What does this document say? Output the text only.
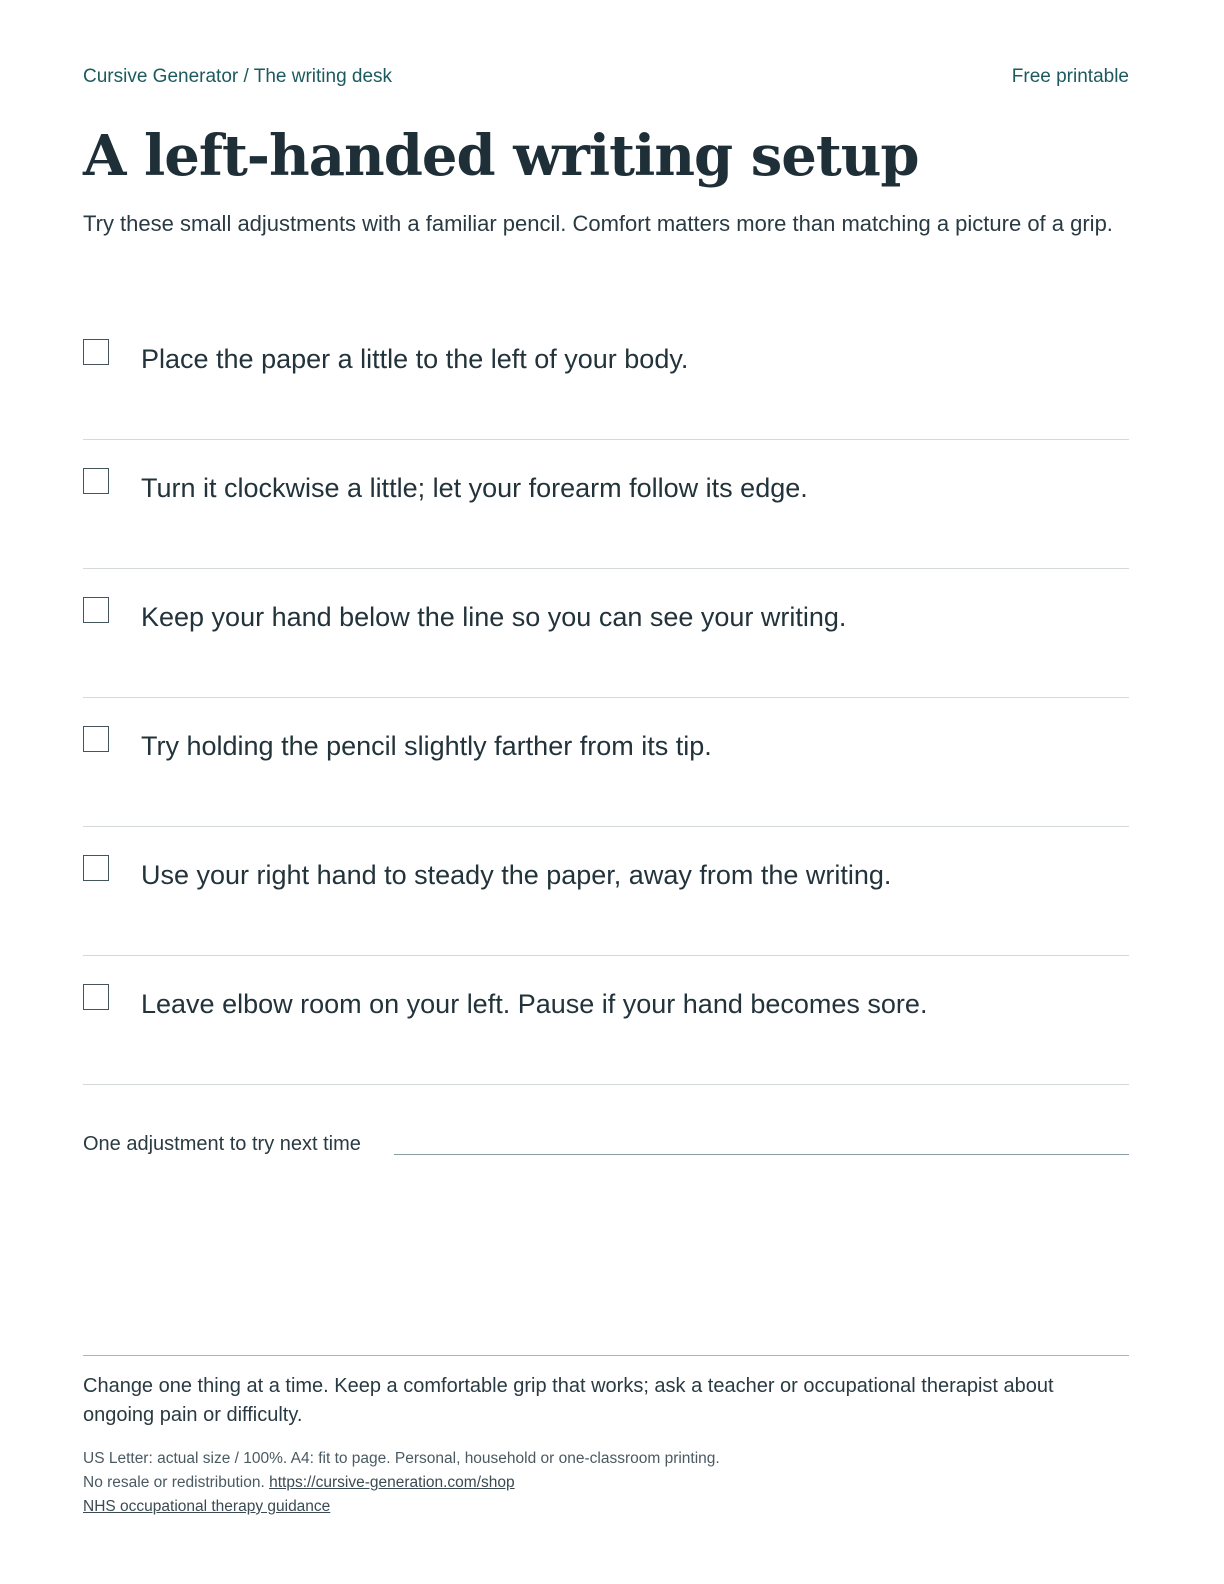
Cursive Generator / The writing desk	Free printable
A left-handed writing setup

Try these small adjustments with a familiar pencil. Comfort matters more than matching a picture of a grip.

Place the paper a little to the left of your body.
Turn it clockwise a little; let your forearm follow its edge.
Keep your hand below the line so you can see your writing.
Try holding the pencil slightly farther from its tip.
Use your right hand to steady the paper, away from the writing.
Leave elbow room on your left. Pause if your hand becomes sore.
One adjustment to try next time

Change one thing at a time. Keep a comfortable grip that works; ask a teacher or occupational therapist about ongoing pain or difficulty.

US Letter: actual size / 100%. A4: fit to page. Personal, household or one-classroom printing.
No resale or redistribution. https://cursive-generation.com/shop
NHS occupational therapy guidance
